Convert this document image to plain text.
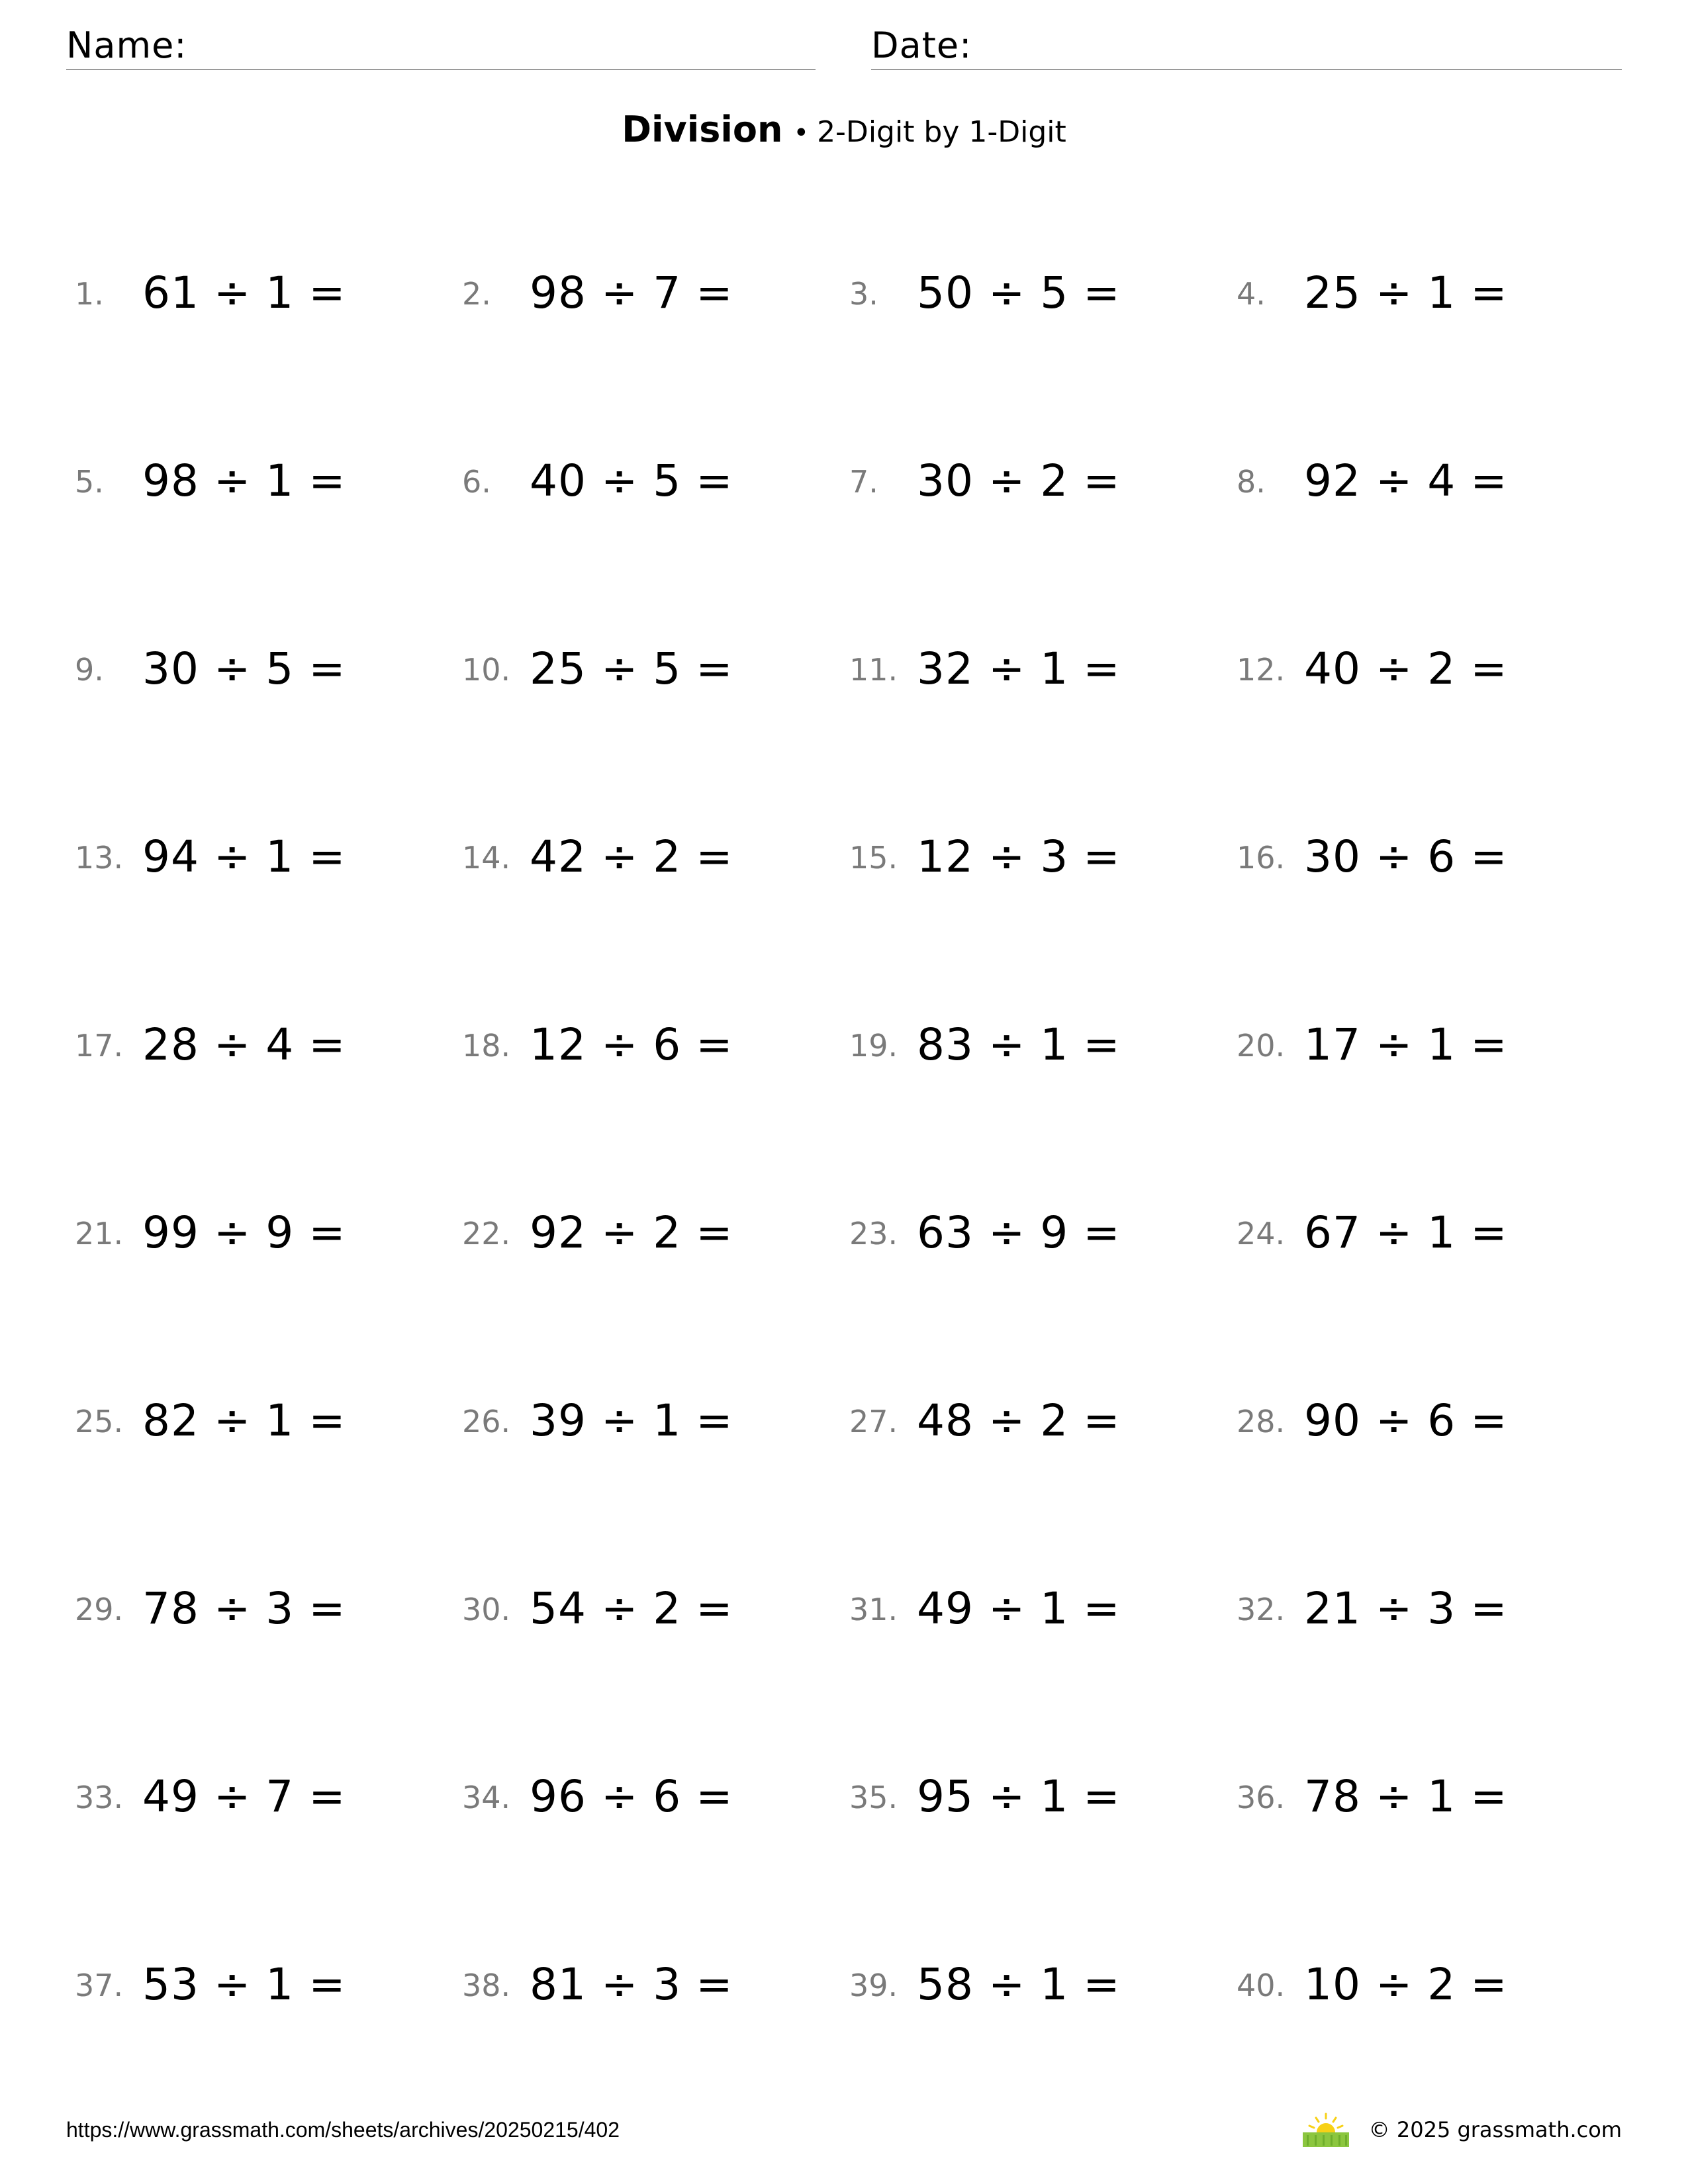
Name:	Date:
Division • 2-Digit by 1-Digit
1. 61 ÷ 1 =	2. 98 ÷ 7 =	3. 50 ÷ 5 =	4. 25 ÷ 1 =
5. 98 ÷ 1 =	6. 40 ÷ 5 =	7. 30 ÷ 2 =	8. 92 ÷ 4 =
9. 30 ÷ 5 =	10. 25 ÷ 5 =	11. 32 ÷ 1 =	12. 40 ÷ 2 =
13. 94 ÷ 1 =	14. 42 ÷ 2 =	15. 12 ÷ 3 =	16. 30 ÷ 6 =
17. 28 ÷ 4 =	18. 12 ÷ 6 =	19. 83 ÷ 1 =	20. 17 ÷ 1 =
21. 99 ÷ 9 =	22. 92 ÷ 2 =	23. 63 ÷ 9 =	24. 67 ÷ 1 =
25. 82 ÷ 1 =	26. 39 ÷ 1 =	27. 48 ÷ 2 =	28. 90 ÷ 6 =
29. 78 ÷ 3 =	30. 54 ÷ 2 =	31. 49 ÷ 1 =	32. 21 ÷ 3 =
33. 49 ÷ 7 =	34. 96 ÷ 6 =	35. 95 ÷ 1 =	36. 78 ÷ 1 =
37. 53 ÷ 1 =	38. 81 ÷ 3 =	39. 58 ÷ 1 =	40. 10 ÷ 2 =
https://www.grassmath.com/sheets/archives/20250215/402	© 2025 grassmath.com
